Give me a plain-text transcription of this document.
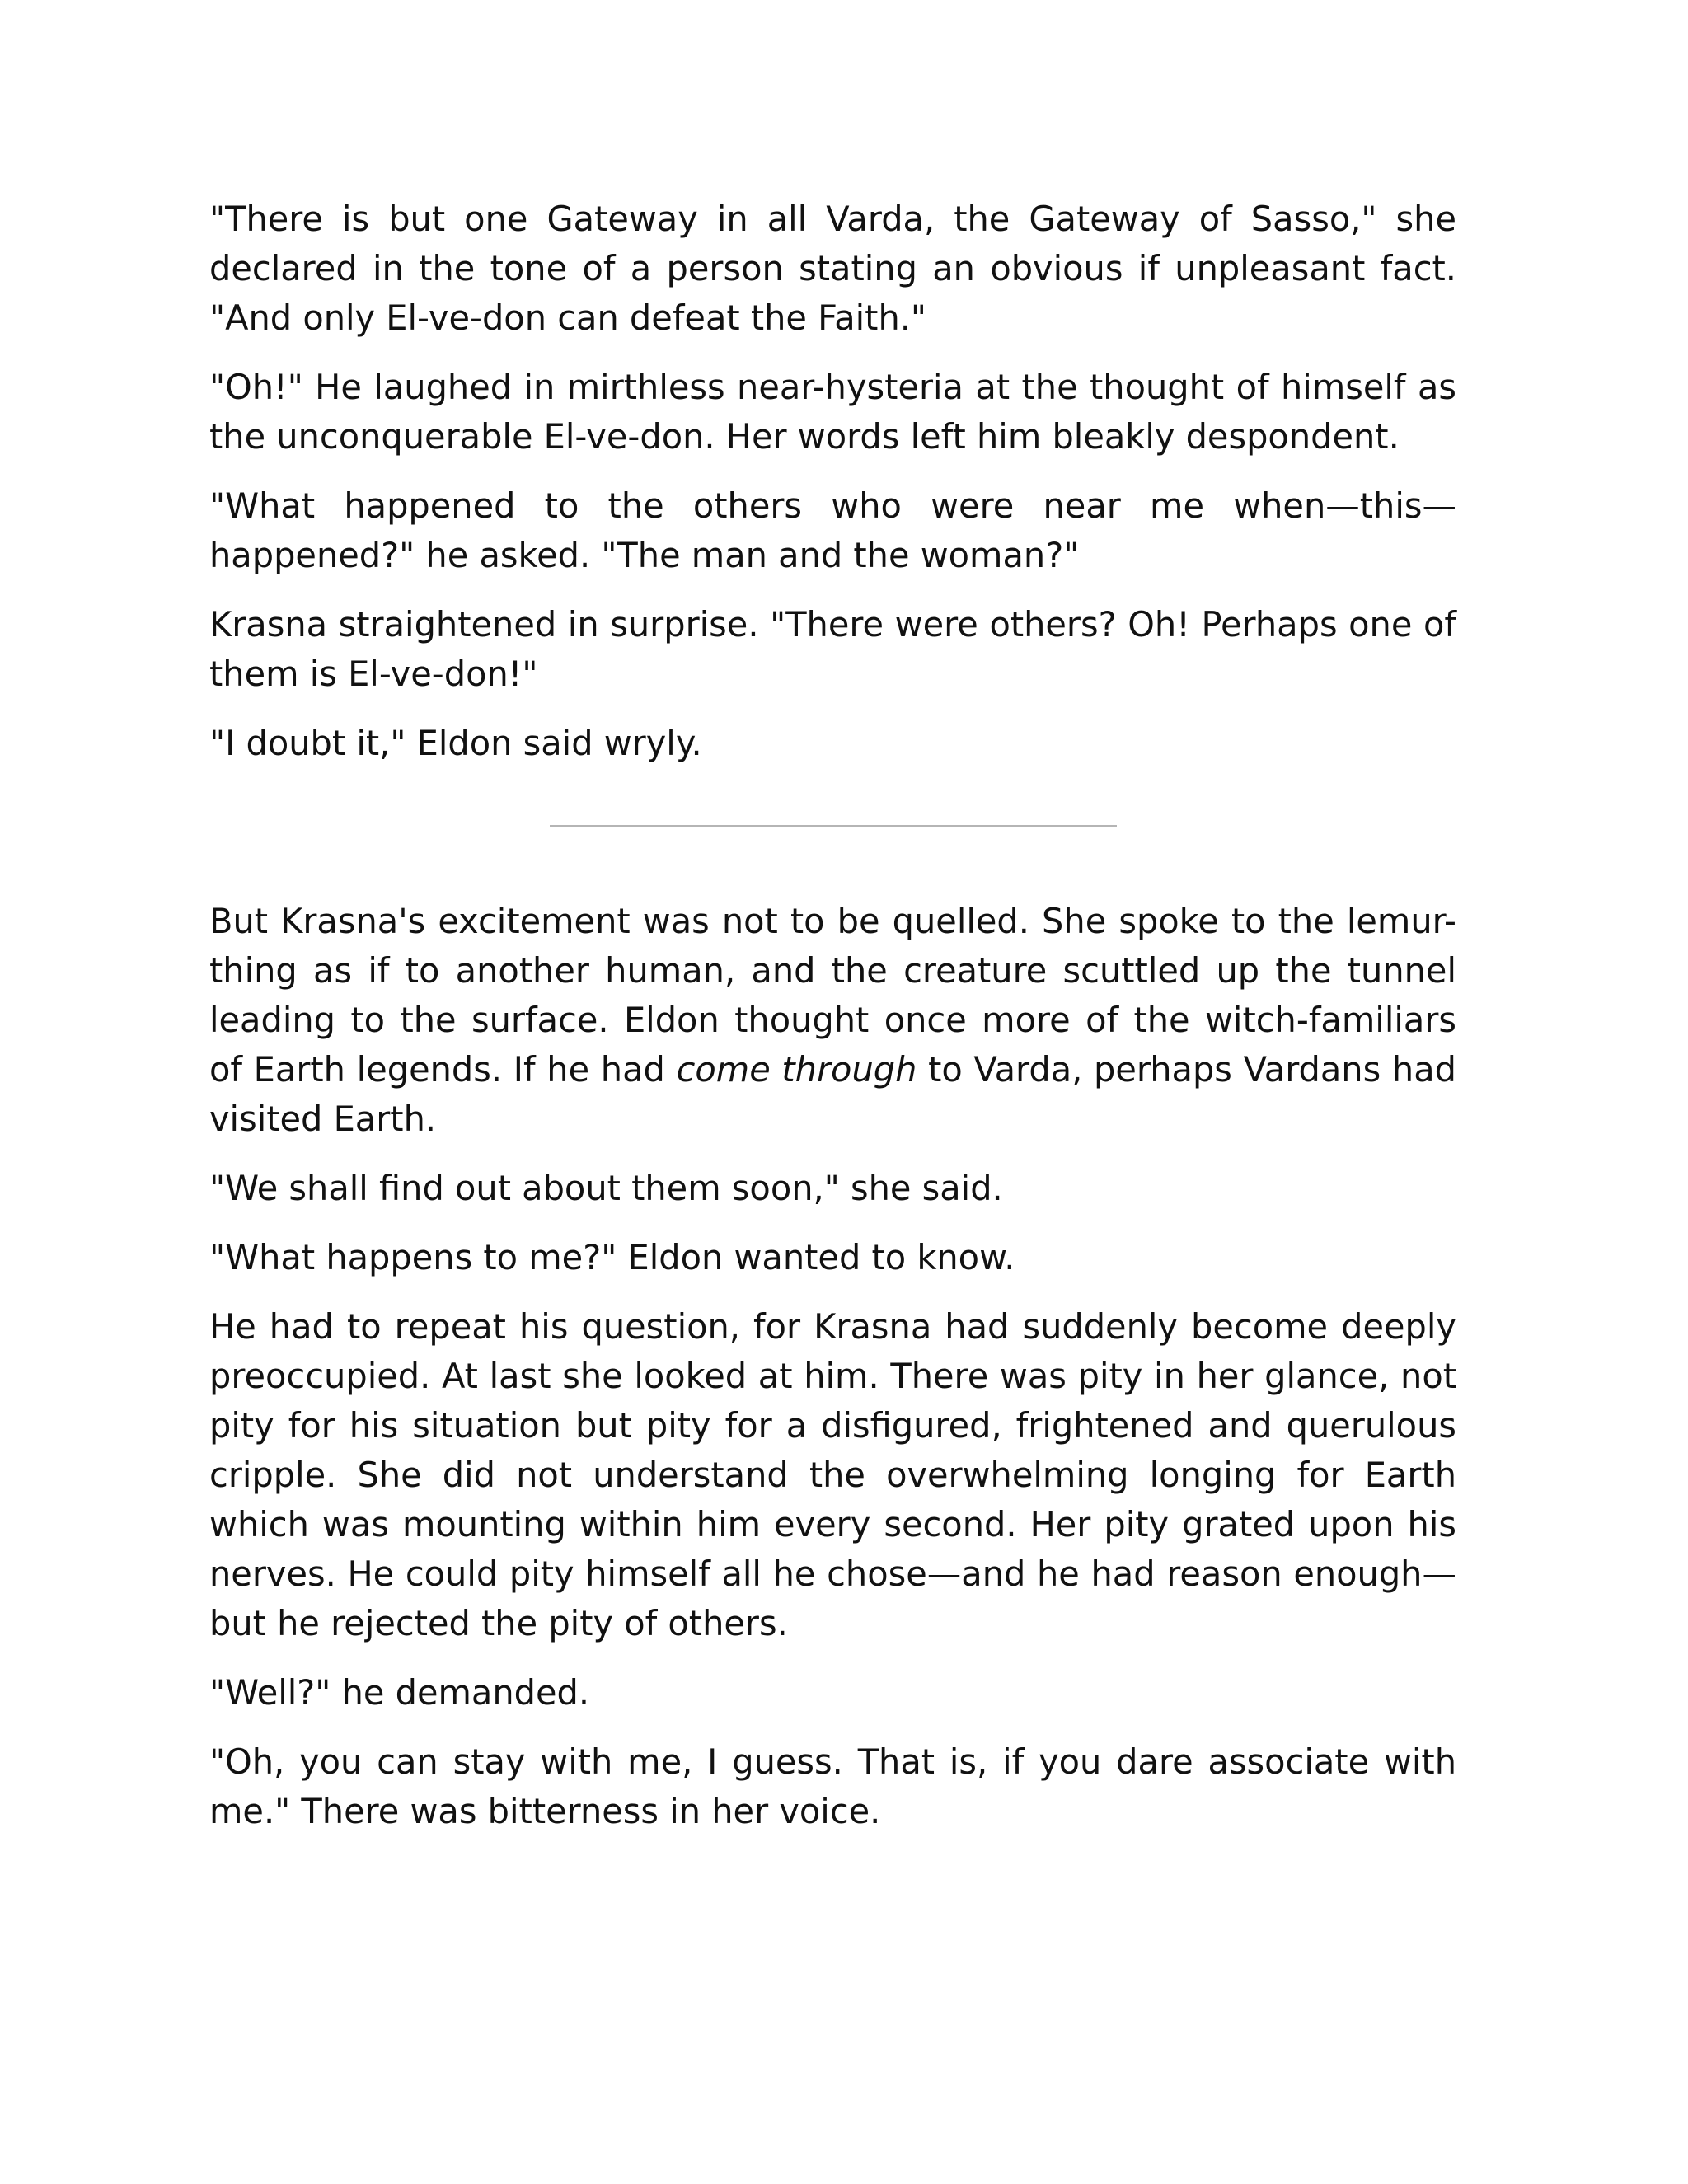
"There is but one Gateway in all Varda, the Gateway of Sasso," she declared in the tone of a person stating an obvious if unpleasant fact. "And only El-ve-don can defeat the Faith."

"Oh!" He laughed in mirthless near-hysteria at the thought of himself as the unconquerable El-ve-don. Her words left him bleakly despondent.

"What happened to the others who were near me when—this—happened?" he asked. "The man and the woman?"

Krasna straightened in surprise. "There were others? Oh! Perhaps one of them is El-ve-don!"

"I doubt it," Eldon said wryly.

But Krasna's excitement was not to be quelled. She spoke to the lemur-thing as if to another human, and the creature scuttled up the tunnel leading to the surface. Eldon thought once more of the witch-familiars of Earth legends. If he had come through to Varda, perhaps Vardans had visited Earth.

"We shall find out about them soon," she said.

"What happens to me?" Eldon wanted to know.

He had to repeat his question, for Krasna had suddenly become deeply preoccupied. At last she looked at him. There was pity in her glance, not pity for his situation but pity for a disfigured, frightened and querulous cripple. She did not understand the overwhelming longing for Earth which was mounting within him every second. Her pity grated upon his nerves. He could pity himself all he chose—and he had reason enough—but he rejected the pity of others.

"Well?" he demanded.

"Oh, you can stay with me, I guess. That is, if you dare associate with me." There was bitterness in her voice.
